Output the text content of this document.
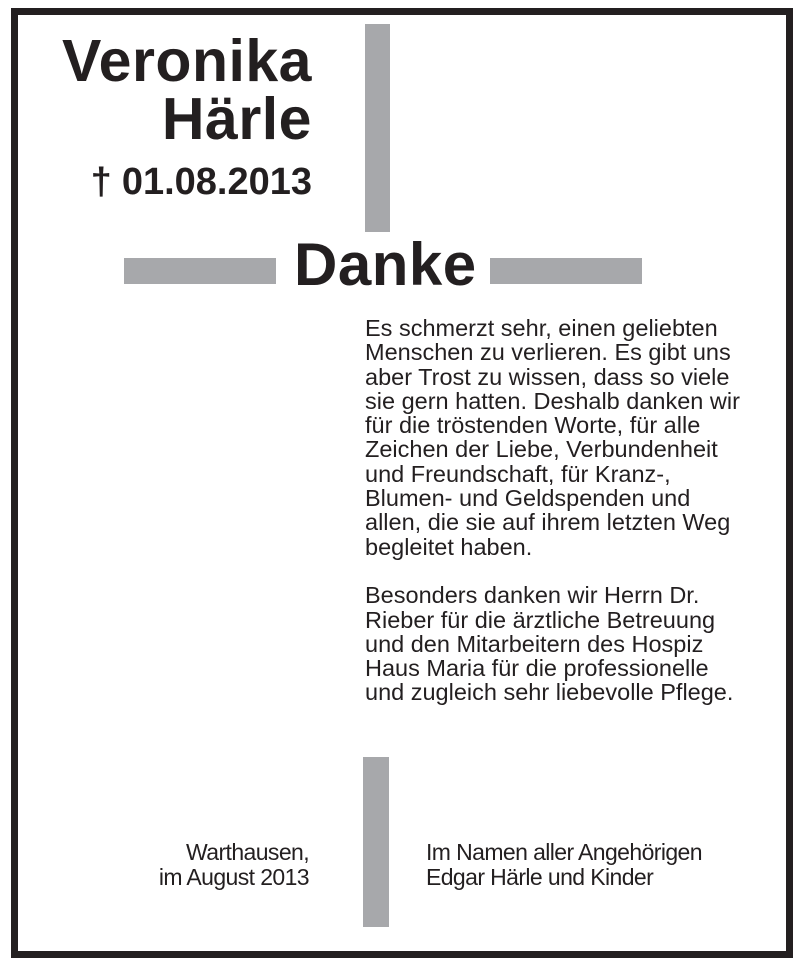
Veronika
Härle
† 01.08.2013
Danke
Es schmerzt sehr, einen geliebten
Menschen zu verlieren. Es gibt uns
aber Trost zu wissen, dass so viele
sie gern hatten. Deshalb danken wir
für die tröstenden Worte, für alle
Zeichen der Liebe, Verbundenheit
und Freundschaft, für Kranz-,
Blumen- und Geldspenden und
allen, die sie auf ihrem letzten Weg
begleitet haben.
Besonders danken wir Herrn Dr.
Rieber für die ärztliche Betreuung
und den Mitarbeitern des Hospiz
Haus Maria für die professionelle
und zugleich sehr liebevolle Pflege.
Warthausen,
im August 2013
Im Namen aller Angehörigen
Edgar Härle und Kinder
